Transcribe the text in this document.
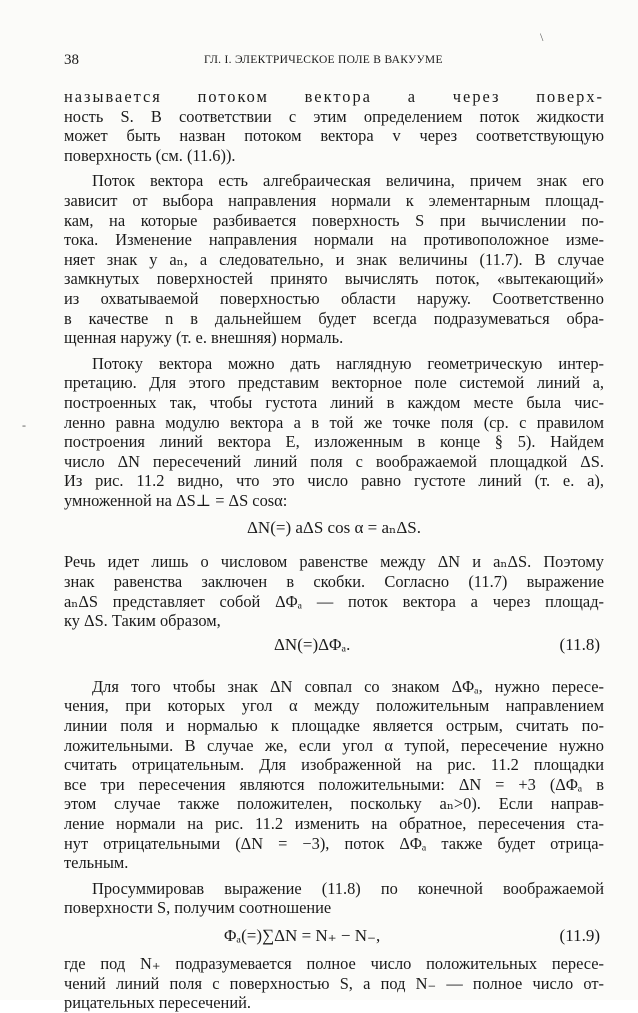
\
-
38	ГЛ. I. ЭЛЕКТРИЧЕСКОЕ ПОЛЕ В ВАКУУМЕ
называется потоком вектора a через поверх-
ность S. В соответствии с этим определением поток жидкости
может быть назван потоком вектора v через соответствующую
поверхность (см. (11.6)).
Поток вектора есть алгебраическая величина, причем знак его
зависит от выбора направления нормали к элементарным площад-
кам, на которые разбивается поверхность S при вычислении по-
тока. Изменение направления нормали на противоположное изме-
няет знак у aₙ, а следовательно, и знак величины (11.7). В случае
замкнутых поверхностей принято вычислять поток, «вытекающий»
из охватываемой поверхностью области наружу. Соответственно
в качестве n в дальнейшем будет всегда подразумеваться обра-
щенная наружу (т. е. внешняя) нормаль.
Потоку вектора можно дать наглядную геометрическую интер-
претацию. Для этого представим векторное поле системой линий a,
построенных так, чтобы густота линий в каждом месте была чис-
ленно равна модулю вектора a в той же точке поля (ср. с правилом
построения линий вектора E, изложенным в конце § 5). Найдем
число ΔN пересечений линий поля с воображаемой площадкой ΔS.
Из рис. 11.2 видно, что это число равно густоте линий (т. е. a),
умноженной на ΔS⊥ = ΔS cosα:
ΔN(=) aΔS cos α = aₙΔS.
Речь идет лишь о числовом равенстве между ΔN и aₙΔS. Поэтому
знак равенства заключен в скобки. Согласно (11.7) выражение
aₙΔS представляет собой ΔΦₐ — поток вектора a через площад-
ку ΔS. Таким образом,
ΔN(=)ΔΦₐ.	(11.8)
Для того чтобы знак ΔN совпал со знаком ΔΦₐ, нужно пересе-
чения, при которых угол α между положительным направлением
линии поля и нормалью к площадке является острым, считать по-
ложительными. В случае же, если угол α тупой, пересечение нужно
считать отрицательным. Для изображенной на рис. 11.2 площадки
все три пересечения являются положительными: ΔN = +3 (ΔΦₐ в
этом случае также положителен, поскольку aₙ>0). Если направ-
ление нормали на рис. 11.2 изменить на обратное, пересечения ста-
нут отрицательными (ΔN = −3), поток ΔΦₐ также будет отрица-
тельным.
Просуммировав выражение (11.8) по конечной воображаемой
поверхности S, получим соотношение
Φₐ(=)∑ΔN = N₊ − N₋,	(11.9)
где под N₊ подразумевается полное число положительных пересе-
чений линий поля с поверхностью S, а под N₋ — полное число от-
рицательных пересечений.
